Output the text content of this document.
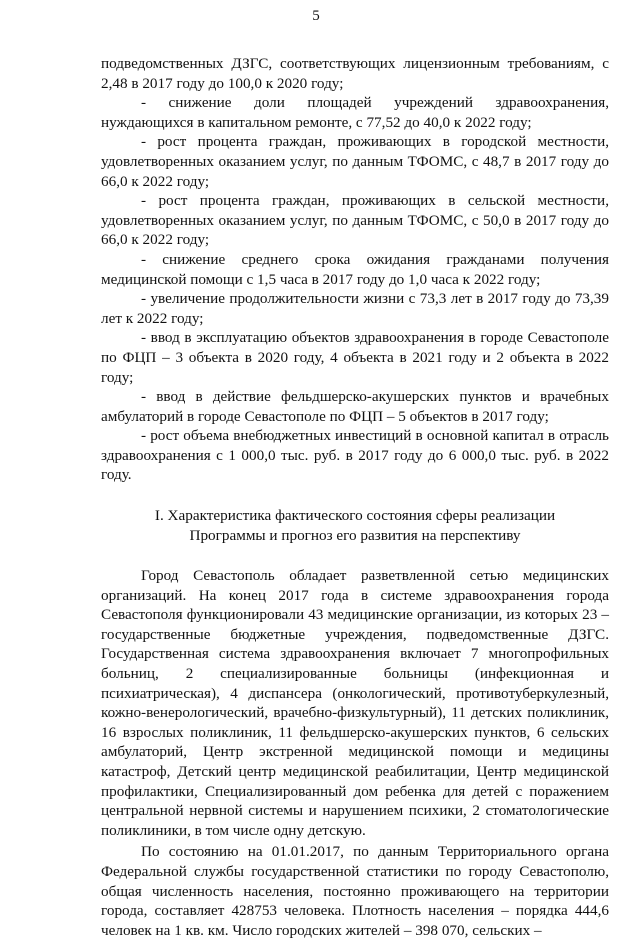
5

подведомственных ДЗГС, соответствующих лицензионным требованиям, с 2,48 в 2017 году до 100,0 к 2020 году;

- снижение доли площадей учреждений здравоохранения, нуждающихся в капитальном ремонте, с 77,52 до 40,0 к 2022 году;

- рост процента граждан, проживающих в городской местности, удовлетворенных оказанием услуг, по данным ТФОМС, с 48,7 в 2017 году до 66,0 к 2022 году;

- рост процента граждан, проживающих в сельской местности, удовлетворенных оказанием услуг, по данным ТФОМС, с 50,0 в 2017 году до 66,0 к 2022 году;

- снижение среднего срока ожидания гражданами получения медицинской помощи с 1,5 часа в 2017 году до 1,0 часа к 2022 году;

- увеличение продолжительности жизни с 73,3 лет в 2017 году до 73,39 лет к 2022 году;

- ввод в эксплуатацию объектов здравоохранения в городе Севастополе по ФЦП – 3 объекта в 2020 году, 4 объекта в 2021 году и 2 объекта в 2022 году;

- ввод в действие фельдшерско-акушерских пунктов и врачебных амбулаторий в городе Севастополе по ФЦП – 5 объектов в 2017 году;

- рост объема внебюджетных инвестиций в основной капитал в отрасль здравоохранения с 1 000,0 тыс. руб. в 2017 году до 6 000,0 тыс. руб. в 2022 году.

I. Характеристика фактического состояния сферы реализации
Программы и прогноз его развития на перспективу

Город Севастополь обладает разветвленной сетью медицинских организаций. На конец 2017 года в системе здравоохранения города Севастополя функционировали 43 медицинские организации, из которых 23 – государственные бюджетные учреждения, подведомственные ДЗГС. Государственная система здравоохранения включает 7 многопрофильных больниц, 2 специализированные больницы (инфекционная и психиатрическая), 4 диспансера (онкологический, противотуберкулезный, кожно-венерологический, врачебно-физкультурный), 11 детских поликлиник, 16 взрослых поликлиник, 11 фельдшерско-акушерских пунктов, 6 сельских амбулаторий, Центр экстренной медицинской помощи и медицины катастроф, Детский центр медицинской реабилитации, Центр медицинской профилактики, Специализированный дом ребенка для детей с поражением центральной нервной системы и нарушением психики, 2 стоматологические поликлиники, в том числе одну детскую.

По состоянию на 01.01.2017, по данным Территориального органа Федеральной службы государственной статистики по городу Севастополю, общая численность населения, постоянно проживающего на территории города, составляет 428753 человека. Плотность населения – порядка 444,6 человек на 1 кв. км. Число городских жителей – 398 070, сельских –
